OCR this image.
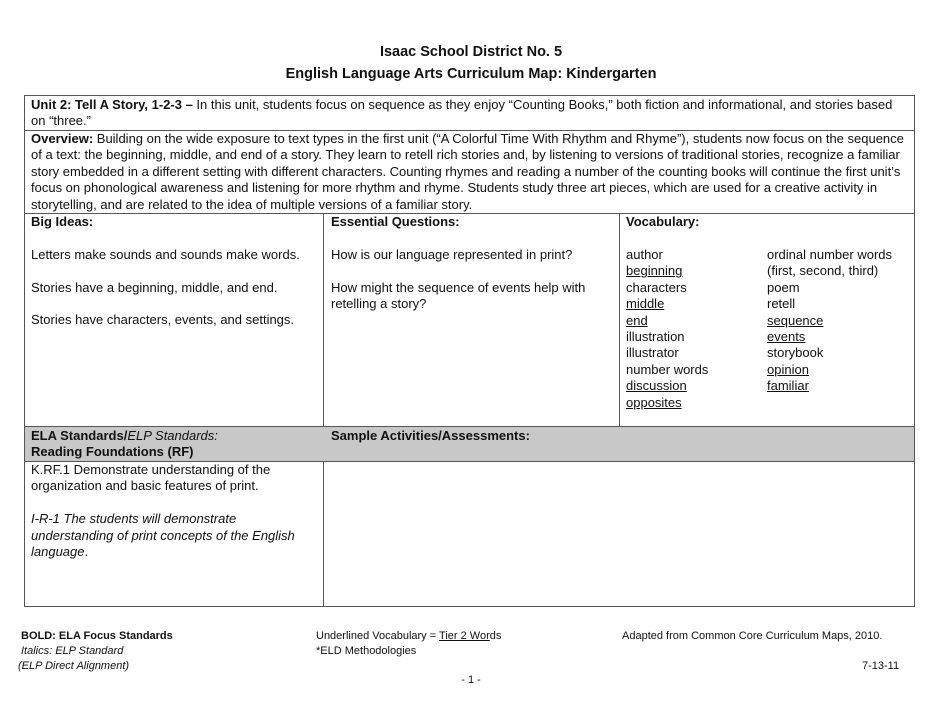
Isaac School District No. 5
English Language Arts Curriculum Map: Kindergarten
Unit 2: Tell A Story, 1-2-3 – In this unit, students focus on sequence as they enjoy “Counting Books,” both fiction and informational, and stories based on “three.”
Overview: Building on the wide exposure to text types in the first unit (“A Colorful Time With Rhythm and Rhyme”), students now focus on the sequence of a text: the beginning, middle, and end of a story. They learn to retell rich stories and, by listening to versions of traditional stories, recognize a familiar story embedded in a different setting with different characters. Counting rhymes and reading a number of the counting books will continue the first unit’s focus on phonological awareness and listening for more rhythm and rhyme. Students study three art pieces, which are used for a creative activity in storytelling, and are related to the idea of multiple versions of a familiar story.

Big Ideas:

Letters make sounds and sounds make words.

Stories have a beginning, middle, and end.

Stories have characters, events, and settings.

Essential Questions:

How is our language represented in print?

How might the sequence of events help with retelling a story?

Vocabulary:

author
beginning
characters
middle
end
illustration
illustrator
number words
discussion
opposites
ordinal number words
(first, second, third)
poem
retell
sequence
events
storybook
opinion
familiar

ELA Standards/ELP Standards:

Reading Foundations (RF)

Sample Activities/Assessments:

K.RF.1 Demonstrate understanding of the organization and basic features of print.

I-R-1 The students will demonstrate understanding of print concepts of the English language.

BOLD: ELA Focus Standards
Italics: ELP Standard
(ELP Direct Alignment)
Underlined Vocabulary = Tier 2 Words
*ELD Methodologies
Adapted from Common Core Curriculum Maps, 2010.
7-13-11
- 1 -
